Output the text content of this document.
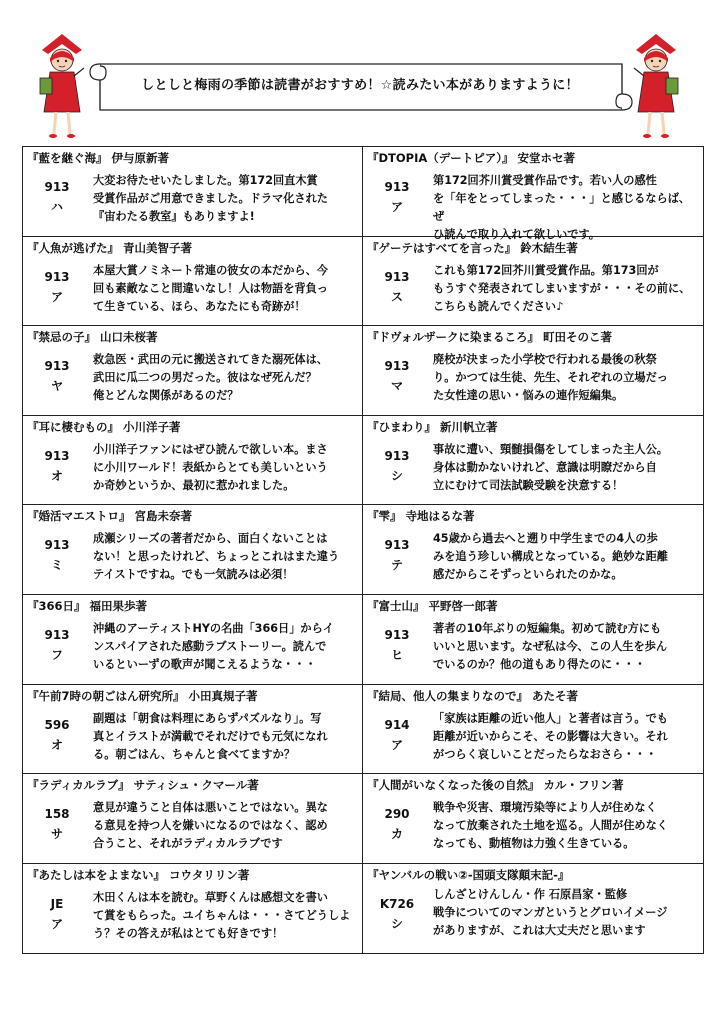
しとしと梅雨の季節は読書がおすすめ！☆読みたい本がありますように！
『藍を継ぐ海』 伊与原新著
913
ハ
大変お待たせいたしました。第172回直木賞
受賞作品がご用意できました。ドラマ化された
『宙わたる教室』もありますよ!
『DTOPIA（デートピア）』 安堂ホセ著
913
ア
第172回芥川賞受賞作品です。若い人の感性
を「年をとってしまった・・・」と感じるならば、ぜ
ひ読んで取り入れて欲しいです。
『人魚が逃げた』 青山美智子著
913
ア
本屋大賞ノミネート常連の彼女の本だから、今
回も素敵なこと間違いなし！人は物語を背負っ
て生きている、ほら、あなたにも奇跡が！
『ゲーテはすべてを言った』 鈴木結生著
913
ス
これも第172回芥川賞受賞作品。第173回が
もうすぐ発表されてしまいますが・・・その前に、
こちらも読んでください♪
『禁忌の子』 山口未桜著
913
ヤ
救急医・武田の元に搬送されてきた溺死体は、
武田に瓜二つの男だった。彼はなぜ死んだ？
俺とどんな関係があるのだ？
『ドヴォルザークに染まるころ』 町田そのこ著
913
マ
廃校が決まった小学校で行われる最後の秋祭
り。かつては生徒、先生、それぞれの立場だっ
た女性達の思い・悩みの連作短編集。
『耳に棲むもの』 小川洋子著
913
オ
小川洋子ファンにはぜひ読んで欲しい本。まさ
に小川ワールド！表紙からとても美しいという
か奇妙というか、最初に惹かれました。
『ひまわり』 新川帆立著
913
シ
事故に遭い、頸髄損傷をしてしまった主人公。
身体は動かないけれど、意識は明瞭だから自
立にむけて司法試験受験を決意する！
『婚活マエストロ』 宮島未奈著
913
ミ
成瀬シリーズの著者だから、面白くないことは
ない！と思ったけれど、ちょっとこれはまた違う
テイストですね。でも一気読みは必須！
『雫』 寺地はるな著
913
テ
45歳から過去へと遡り中学生までの4人の歩
みを追う珍しい構成となっている。絶妙な距離
感だからこそずっといられたのかな。
『366日』 福田果歩著
913
フ
沖縄のアーティストHYの名曲「366日」からイ
ンスパイアされた感動ラブストーリー。読んで
いるといーずの歌声が聞こえるような・・・
『富士山』 平野啓一郎著
913
ヒ
著者の10年ぶりの短編集。初めて読む方にも
いいと思います。なぜ私は今、この人生を歩ん
でいるのか？他の道もあり得たのに・・・
『午前7時の朝ごはん研究所』 小田真規子著
596
オ
副題は「朝食は料理にあらずパズルなり」。写
真とイラストが満載でそれだけでも元気になれ
る。朝ごはん、ちゃんと食べてますか？
『結局、他人の集まりなので』 あたそ著
914
ア
「家族は距離の近い他人」と著者は言う。でも
距離が近いからこそ、その影響は大きい。それ
がつらく哀しいことだったらなおさら・・・
『ラディカルラブ』 サティシュ・クマール著
158
サ
意見が違うこと自体は悪いことではない。異な
る意見を持つ人を嫌いになるのではなく、認め
合うこと、それがラディカルラブです
『人間がいなくなった後の自然』 カル・フリン著
290
カ
戦争や災害、環境汚染等により人が住めなく
なって放棄された土地を巡る。人間が住めなく
なっても、動植物は力強く生きている。
『あたしは本をよまない』 コウタリリン著
JE
ア
木田くんは本を読む。草野くんは感想文を書い
て賞をもらった。ユイちゃんは・・・さてどうしよ
う？その答えが私はとても好きです！
『ヤンバルの戦い②-国頭支隊顛末記-』
しんざとけんしん・作 石原昌家・監修
K726
シ
戦争についてのマンガというとグロいイメージ
がありますが、これは大丈夫だと思います
